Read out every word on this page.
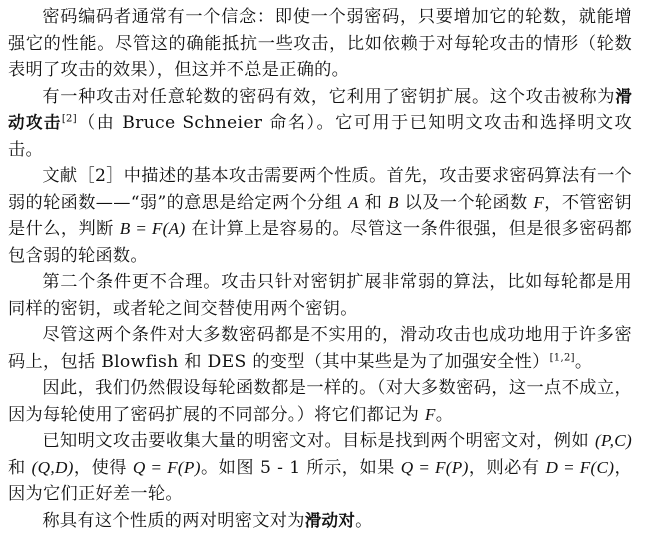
密码编码者通常有一个信念：即使一个弱密码，只要增加它的轮数，就能增强它的性能。尽管这的确能抵抗一些攻击，比如依赖于对每轮攻击的情形（轮数表明了攻击的效果），但这并不总是正确的。

有一种攻击对任意轮数的密码有效，它利用了密钥扩展。这个攻击被称为滑动攻击[2]（由 Bruce Schneier 命名）。它可用于已知明文攻击和选择明文攻击。

文献［2］中描述的基本攻击需要两个性质。首先，攻击要求密码算法有一个弱的轮函数——“弱”的意思是给定两个分组 A 和 B 以及一个轮函数 F，不管密钥是什么，判断 B = F(A) 在计算上是容易的。尽管这一条件很强，但是很多密码都包含弱的轮函数。

第二个条件更不合理。攻击只针对密钥扩展非常弱的算法，比如每轮都是用同样的密钥，或者轮之间交替使用两个密钥。

尽管这两个条件对大多数密码都是不实用的，滑动攻击也成功地用于许多密码上，包括 Blowfish 和 DES 的变型（其中某些是为了加强安全性）[1,2]。

因此，我们仍然假设每轮函数都是一样的。（对大多数密码，这一点不成立，因为每轮使用了密码扩展的不同部分。）将它们都记为 F。

已知明文攻击要收集大量的明密文对。目标是找到两个明密文对，例如 (P,C) 和 (Q,D)，使得 Q = F(P)。如图 5 - 1 所示，如果 Q = F(P)，则必有 D = F(C)，因为它们正好差一轮。

称具有这个性质的两对明密文对为滑动对。
